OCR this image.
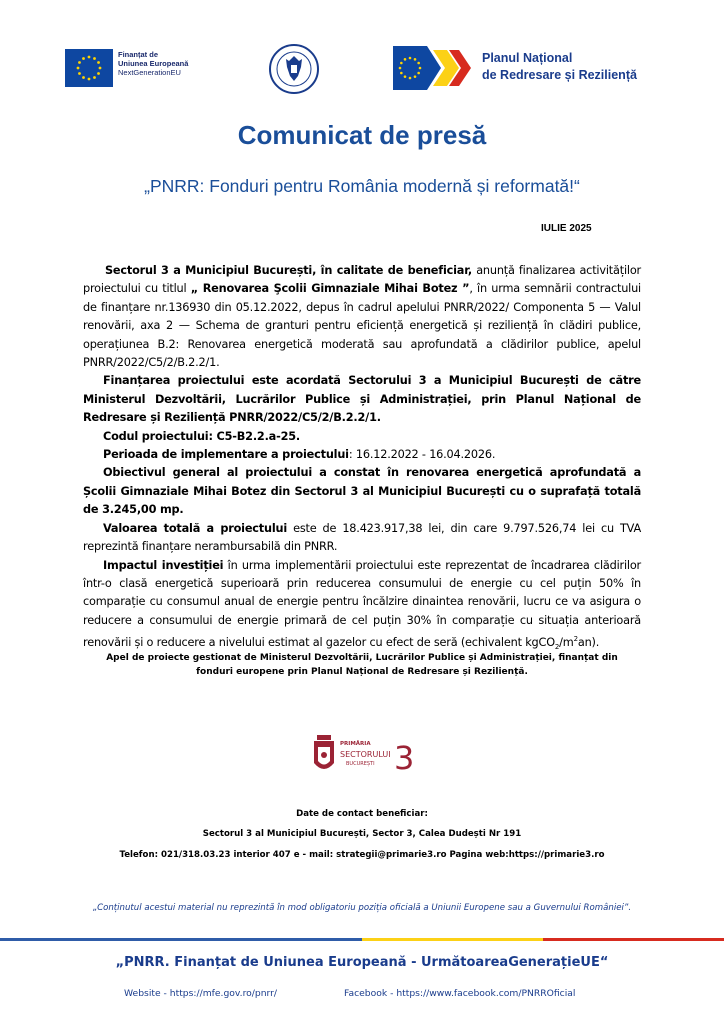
Finanțat de
Uniunea Europeană
NextGenerationEU
Planul Național
de Redresare și Reziliență
Comunicat de presă
„PNRR: Fonduri pentru România modernă și reformată!“
IULIE 2025

Sectorul 3 a Municipiul București, în calitate de beneficiar, anunță finalizarea activităților proiectului cu titlul „ Renovarea Şcolii Gimnaziale Mihai Botez ”, în urma semnării contractului de finanțare nr.136930 din 05.12.2022, depus în cadrul apelului PNRR/2022/ Componenta 5 — Valul renovării, axa 2 — Schema de granturi pentru eficiență energetică și reziliență în clădiri publice, operațiunea B.2: Renovarea energetică moderată sau aprofundată a clădirilor publice, apelul PNRR/2022/C5/2/B.2.2/1.

Finanțarea proiectului este acordată Sectorului 3 a Municipiul București de către Ministerul Dezvoltării, Lucrărilor Publice și Administrației, prin Planul Național de Redresare și Reziliență PNRR/2022/C5/2/B.2.2/1.

Codul proiectului: C5-B2.2.a-25.

Perioada de implementare a proiectului: 16.12.2022 - 16.04.2026.

Obiectivul general al proiectului a constat în renovarea energetică aprofundată a Școlii Gimnaziale Mihai Botez din Sectorul 3 al Municipiul București cu o suprafață totală de 3.245,00 mp.

Valoarea totală a proiectului este de 18.423.917,38 lei, din care 9.797.526,74 lei cu TVA reprezintă finanțare nerambursabilă din PNRR.

Impactul investiției în urma implementării proiectului este reprezentat de încadrarea clădirilor într-o clasă energetică superioară prin reducerea consumului de energie cu cel puțin 50% în comparație cu consumul anual de energie pentru încălzire dinaintea renovării, lucru ce va asigura o reducere a consumului de energie primară de cel puțin 30% în comparație cu situația anterioară renovării și o reducere a nivelului estimat al gazelor cu efect de seră (echivalent $kgCO_2/m^2an$).

Apel de proiecte gestionat de Ministerul Dezvoltării, Lucrărilor Publice și Administrației, finanțat din
fonduri europene prin Planul Național de Redresare și Reziliență.
PRIMĂRIA
SECTORULUI
BUCUREȘTI 3
Date de contact beneficiar:
Sectorul 3 al Municipiul București, Sector 3, Calea Dudești Nr 191
Telefon: 021/318.03.23 interior 407 e - mail: strategii@primarie3.ro Pagina web:https://primarie3.ro
„Conținutul acestui material nu reprezintă în mod obligatoriu poziția oficială a Uniunii Europene sau a Guvernului României”.
„PNRR. Finanțat de Uniunea Europeană - UrmătoareaGenerațieUE“
Website - https://mfe.gov.ro/pnrr/	Facebook - https://www.facebook.com/PNRROficial
